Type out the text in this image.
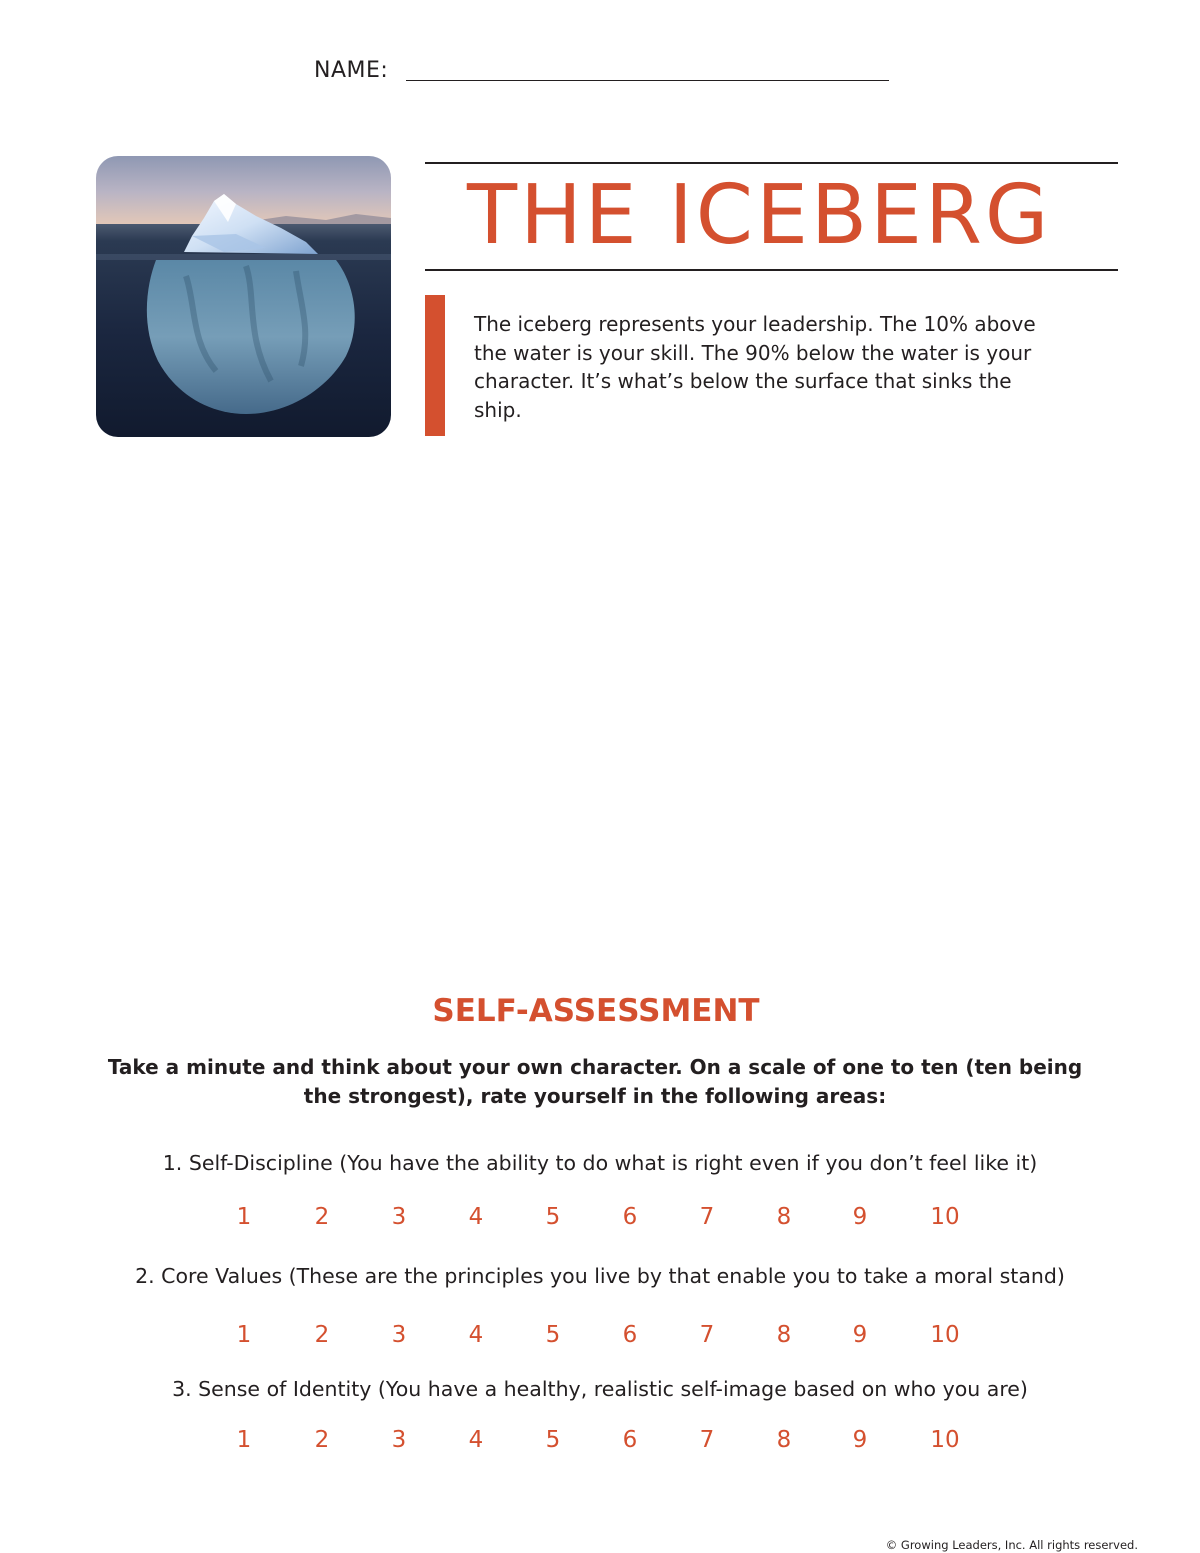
NAME:
THE ICEBERG

The iceberg represents your leadership. The 10% above the water is your skill. The 90% below the water is your character. It’s what’s below the surface that sinks the ship.

SELF-ASSESSMENT

Take a minute and think about your own character. On a scale of one to ten (ten being the strongest), rate yourself in the following areas:

1. Self-Discipline (You have the ability to do what is right even if you don’t feel like it)

1	2	3	4	5	6	7	8	9	10

2. Core Values (These are the principles you live by that enable you to take a moral stand)

1	2	3	4	5	6	7	8	9	10

3. Sense of Identity (You have a healthy, realistic self-image based on who you are)

1	2	3	4	5	6	7	8	9	10
© Growing Leaders, Inc. All rights reserved.
